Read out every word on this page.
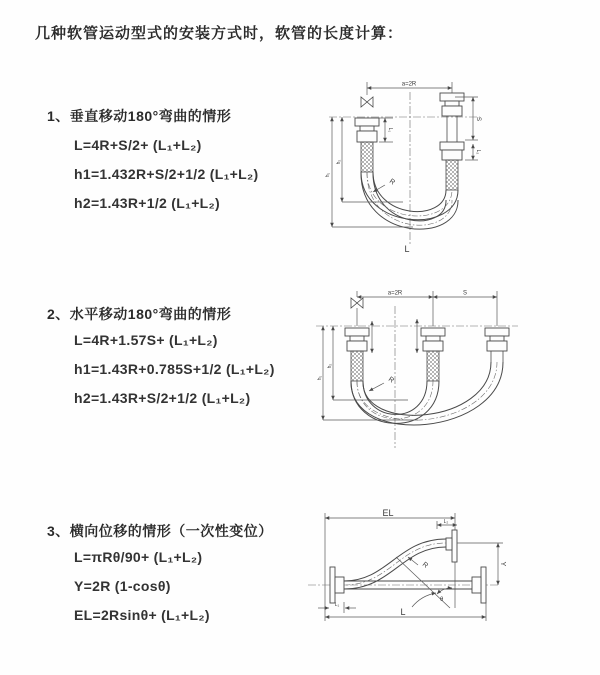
几种软管运动型式的安装方式时，软管的长度计算：
1、垂直移动180°弯曲的情形
L=4R+S/2+ (L₁+L₂)
h1=1.432R+S/2+1/2 (L₁+L₂)
h2=1.43R+1/2 (L₁+L₂)
2、水平移动180°弯曲的情形
L=4R+1.57S+ (L₁+L₂)
h1=1.43R+0.785S+1/2 (L₁+L₂)
h2=1.43R+S/2+1/2 (L₁+L₂)
3、横向位移的情形（一次性变位）
L=πRθ/90+ (L₁+L₂)
Y=2R (1-cosθ)
EL=2Rsinθ+ (L₁+L₂)
a=2R
S
L₂
h₁
h₂
L₁
R
L
a=2R	S
h₁
h₂
R
EL
L₂
Y
θ
R
L₁
L
